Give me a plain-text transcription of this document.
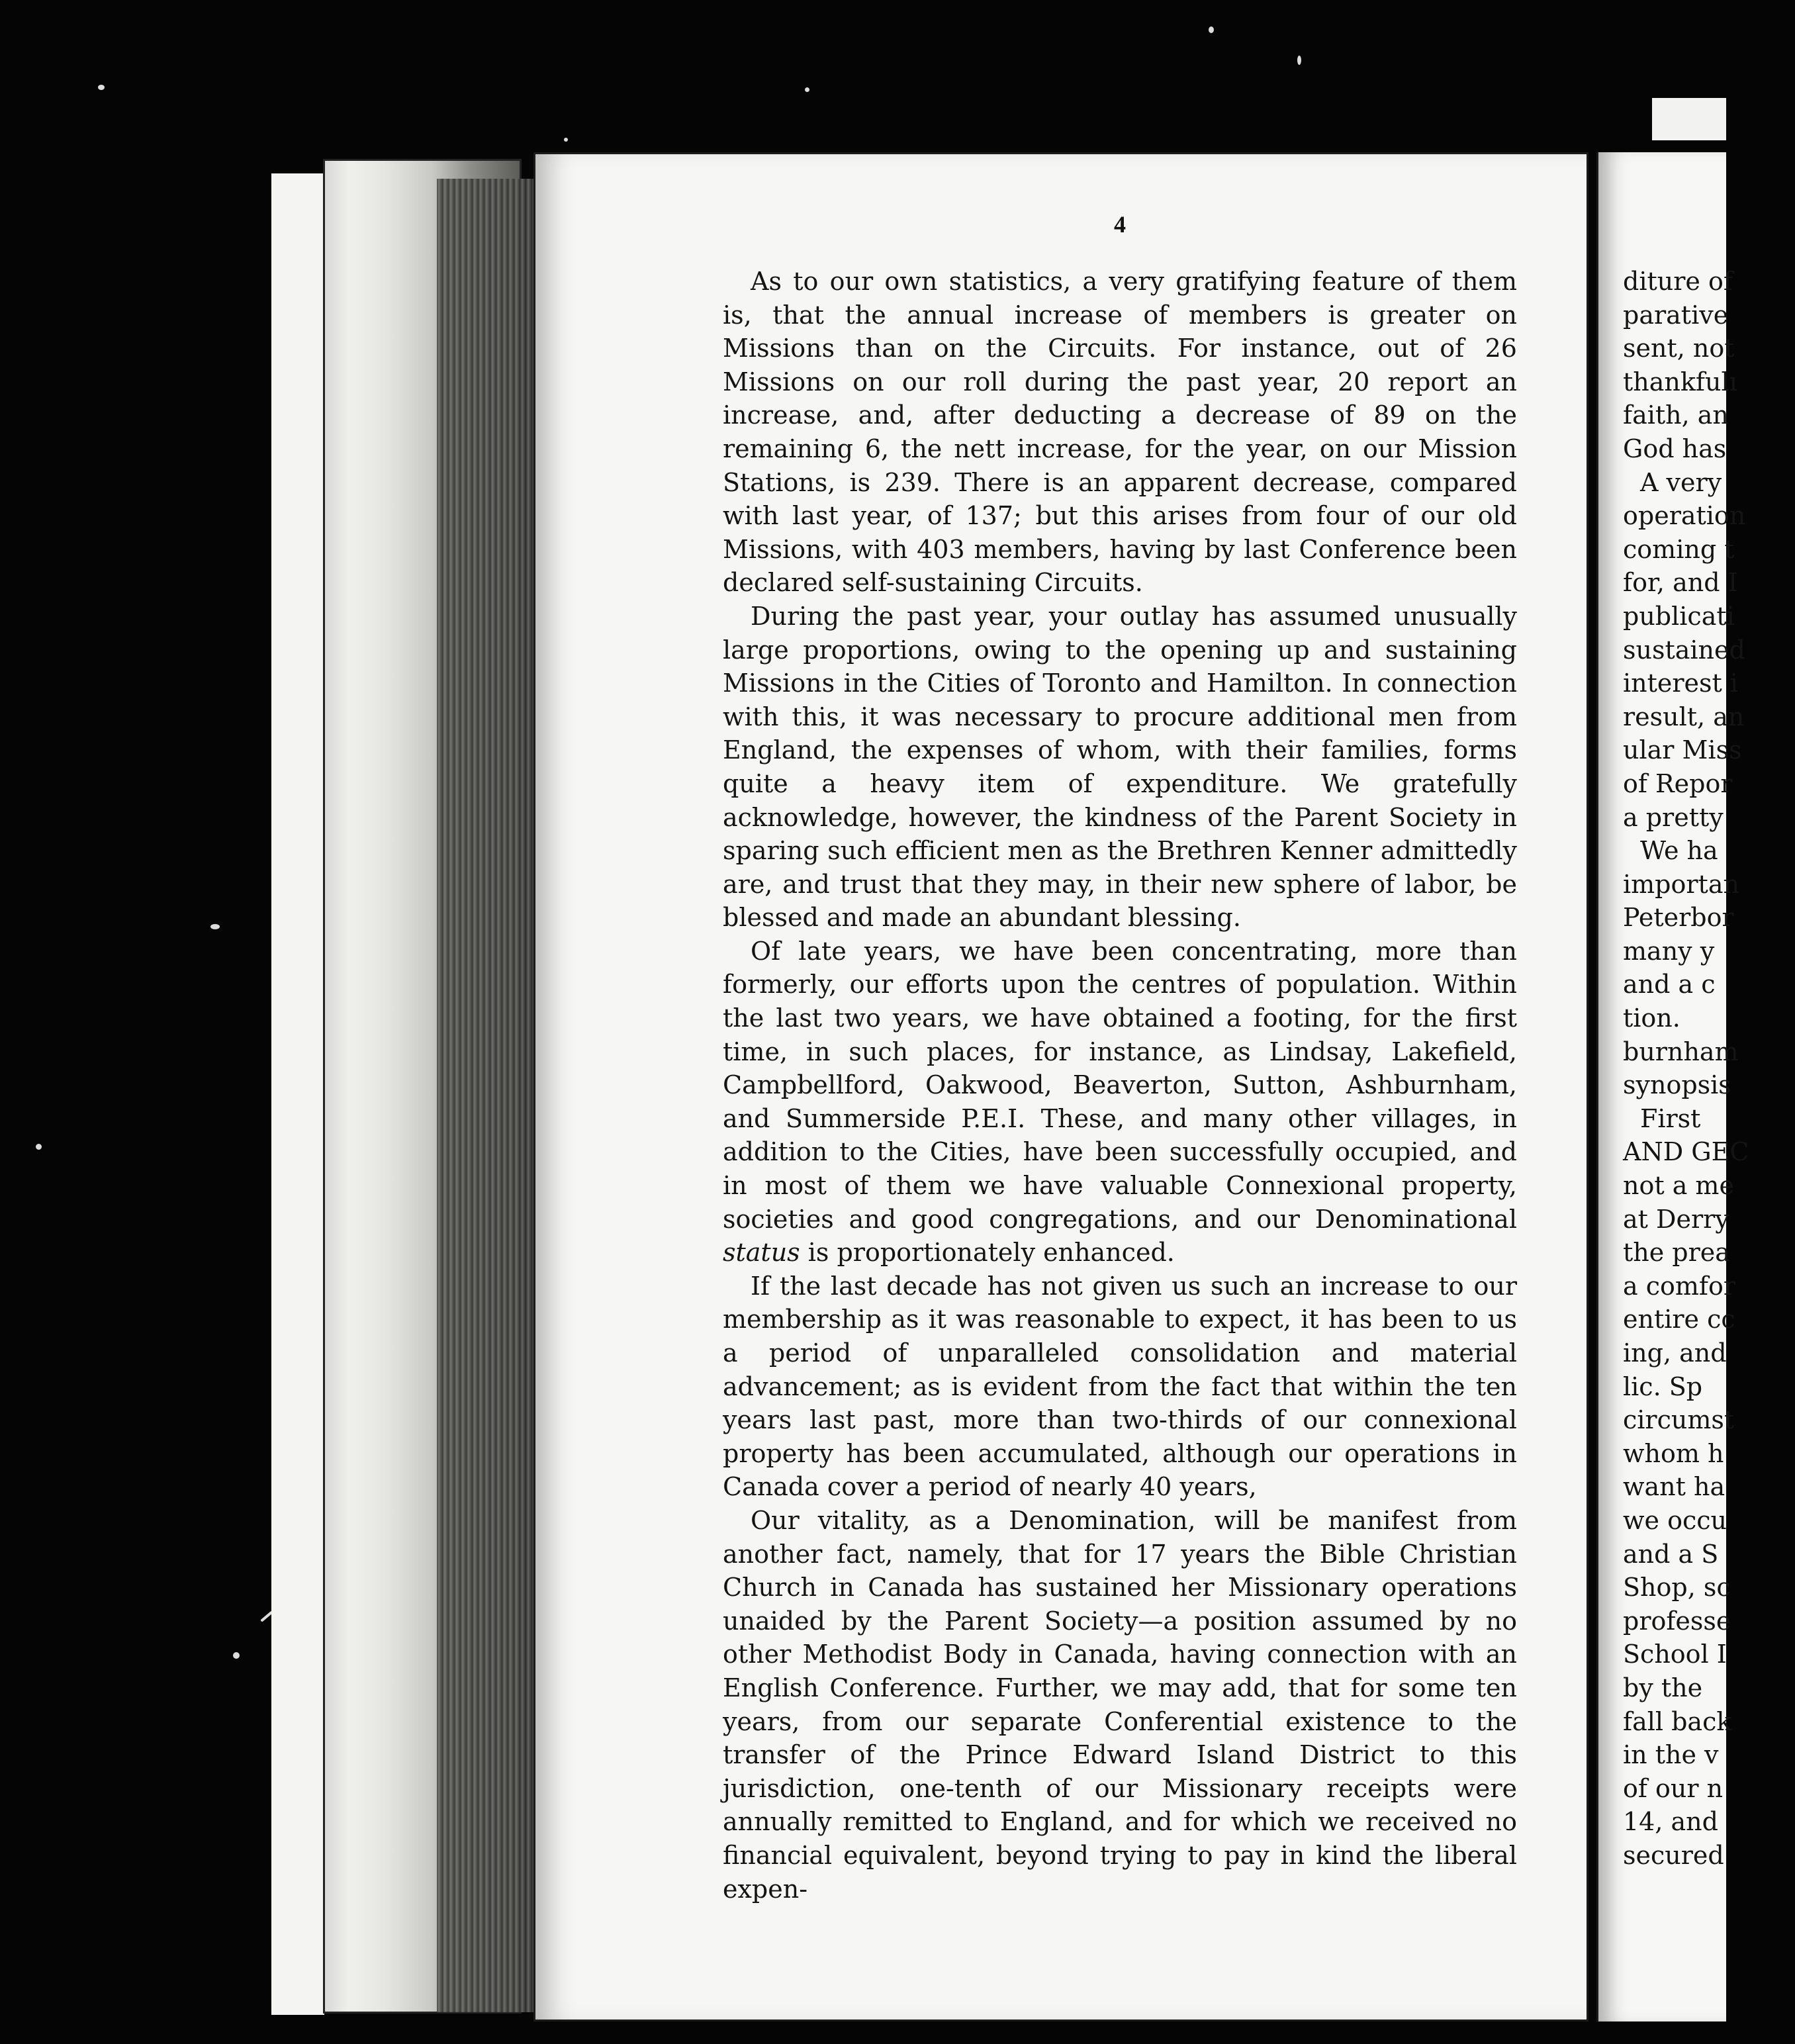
4

As to our own statistics, a very gratifying feature of them is, that the annual increase of members is greater on Missions than on the Circuits. For instance, out of 26 Missions on our roll during the past year, 20 report an increase, and, after deducting a decrease of 89 on the remaining 6, the nett increase, for the year, on our Mission Stations, is 239. There is an apparent decrease, compared with last year, of 137; but this arises from four of our old Missions, with 403 members, having by last Conference been declared self-sustaining Circuits.

During the past year, your outlay has assumed unusually large proportions, owing to the opening up and sustaining Missions in the Cities of Toronto and Hamilton. In connection with this, it was necessary to procure additional men from England, the expenses of whom, with their families, forms quite a heavy item of expenditure. We gratefully acknowledge, however, the kindness of the Parent Society in sparing such efficient men as the Brethren Kenner admittedly are, and trust that they may, in their new sphere of labor, be blessed and made an abundant blessing.

Of late years, we have been concentrating, more than formerly, our efforts upon the centres of population. Within the last two years, we have obtained a footing, for the first time, in such places, for instance, as Lindsay, Lakefield, Campbellford, Oakwood, Beaverton, Sutton, Ashburnham, and Summerside P.E.I. These, and many other villages, in addition to the Cities, have been successfully occupied, and in most of them we have valuable Connexional property, societies and good congregations, and our Denominational status is proportionately enhanced.

If the last decade has not given us such an increase to our membership as it was reasonable to expect, it has been to us a period of unparalleled consolidation and material advancement; as is evident from the fact that within the ten years last past, more than two-thirds of our connexional property has been accumulated, although our operations in Canada cover a period of nearly 40 years,

Our vitality, as a Denomination, will be manifest from another fact, namely, that for 17 years the Bible Christian Church in Canada has sustained her Missionary operations unaided by the Parent Society—a position assumed by no other Methodist Body in Canada, having connection with an English Conference. Further, we may add, that for some ten years, from our separate Conferential existence to the transfer of the Prince Edward Island District to this jurisdiction, one-tenth of our Missionary receipts were annually remitted to England, and for which we received no financial equivalent, beyond trying to pay in kind the liberal expen-

diture of
parative
sent, not
thankfulı
faith, an
God has
A very
operation
coming t
for, and I
publicati
sustained
interest i
result, an
ular Miss
of Repor
a pretty
We ha
importan
Peterbor
many y
and a c
tion.
burnham
synopsis
First
AND GEC
not a me
at Derry
the prea
a comfor
entire cc
ing, and
lic. Sp
circumst
whom h
want ha
we occu
and a S
Shop, sc
professe
School I
by the
fall back
in the v
of our n
14, and
secured
